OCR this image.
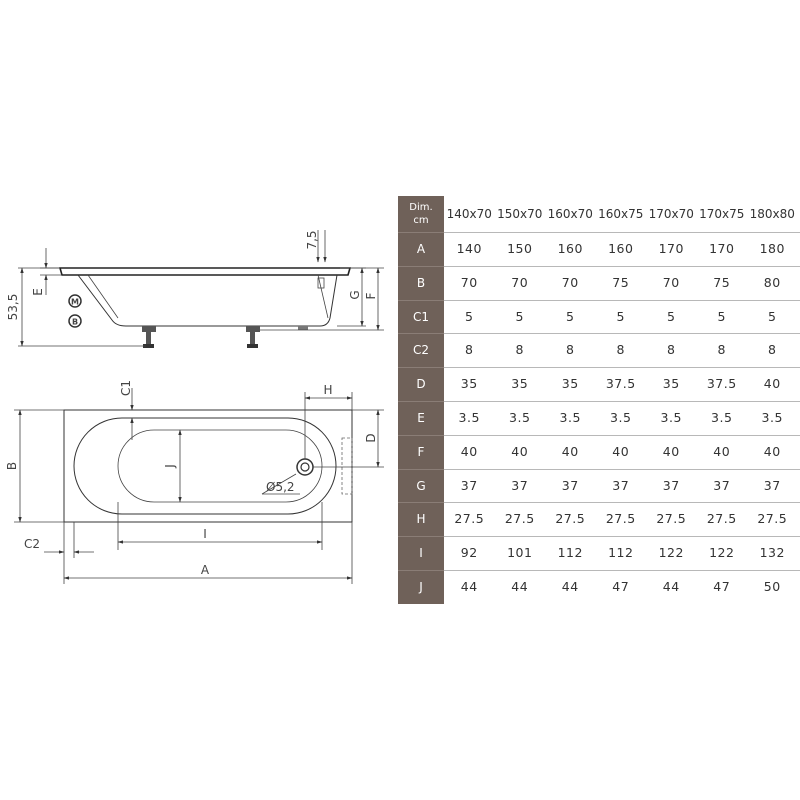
53,5
E
M
B
7,5
G F
B
C1	H
D
J
Ø5,2
I
C2
A
Dim.
cm	140x70 150x70 160x70 160x75 170x70 170x75 180x80
A	140	150	160	160	170	170	180
B	70	70	70	75	70	75	80
C1	5	5	5	5	5	5	5
C2	8	8	8	8	8	8	8
D	35	35	35	37.5	35	37.5	40
E	3.5	3.5	3.5	3.5	3.5	3.5	3.5
F	40	40	40	40	40	40	40
G	37	37	37	37	37	37	37
H	27.5	27.5	27.5	27.5	27.5	27.5	27.5
I	92	101	112	112	122	122	132
J	44	44	44	47	44	47	50
